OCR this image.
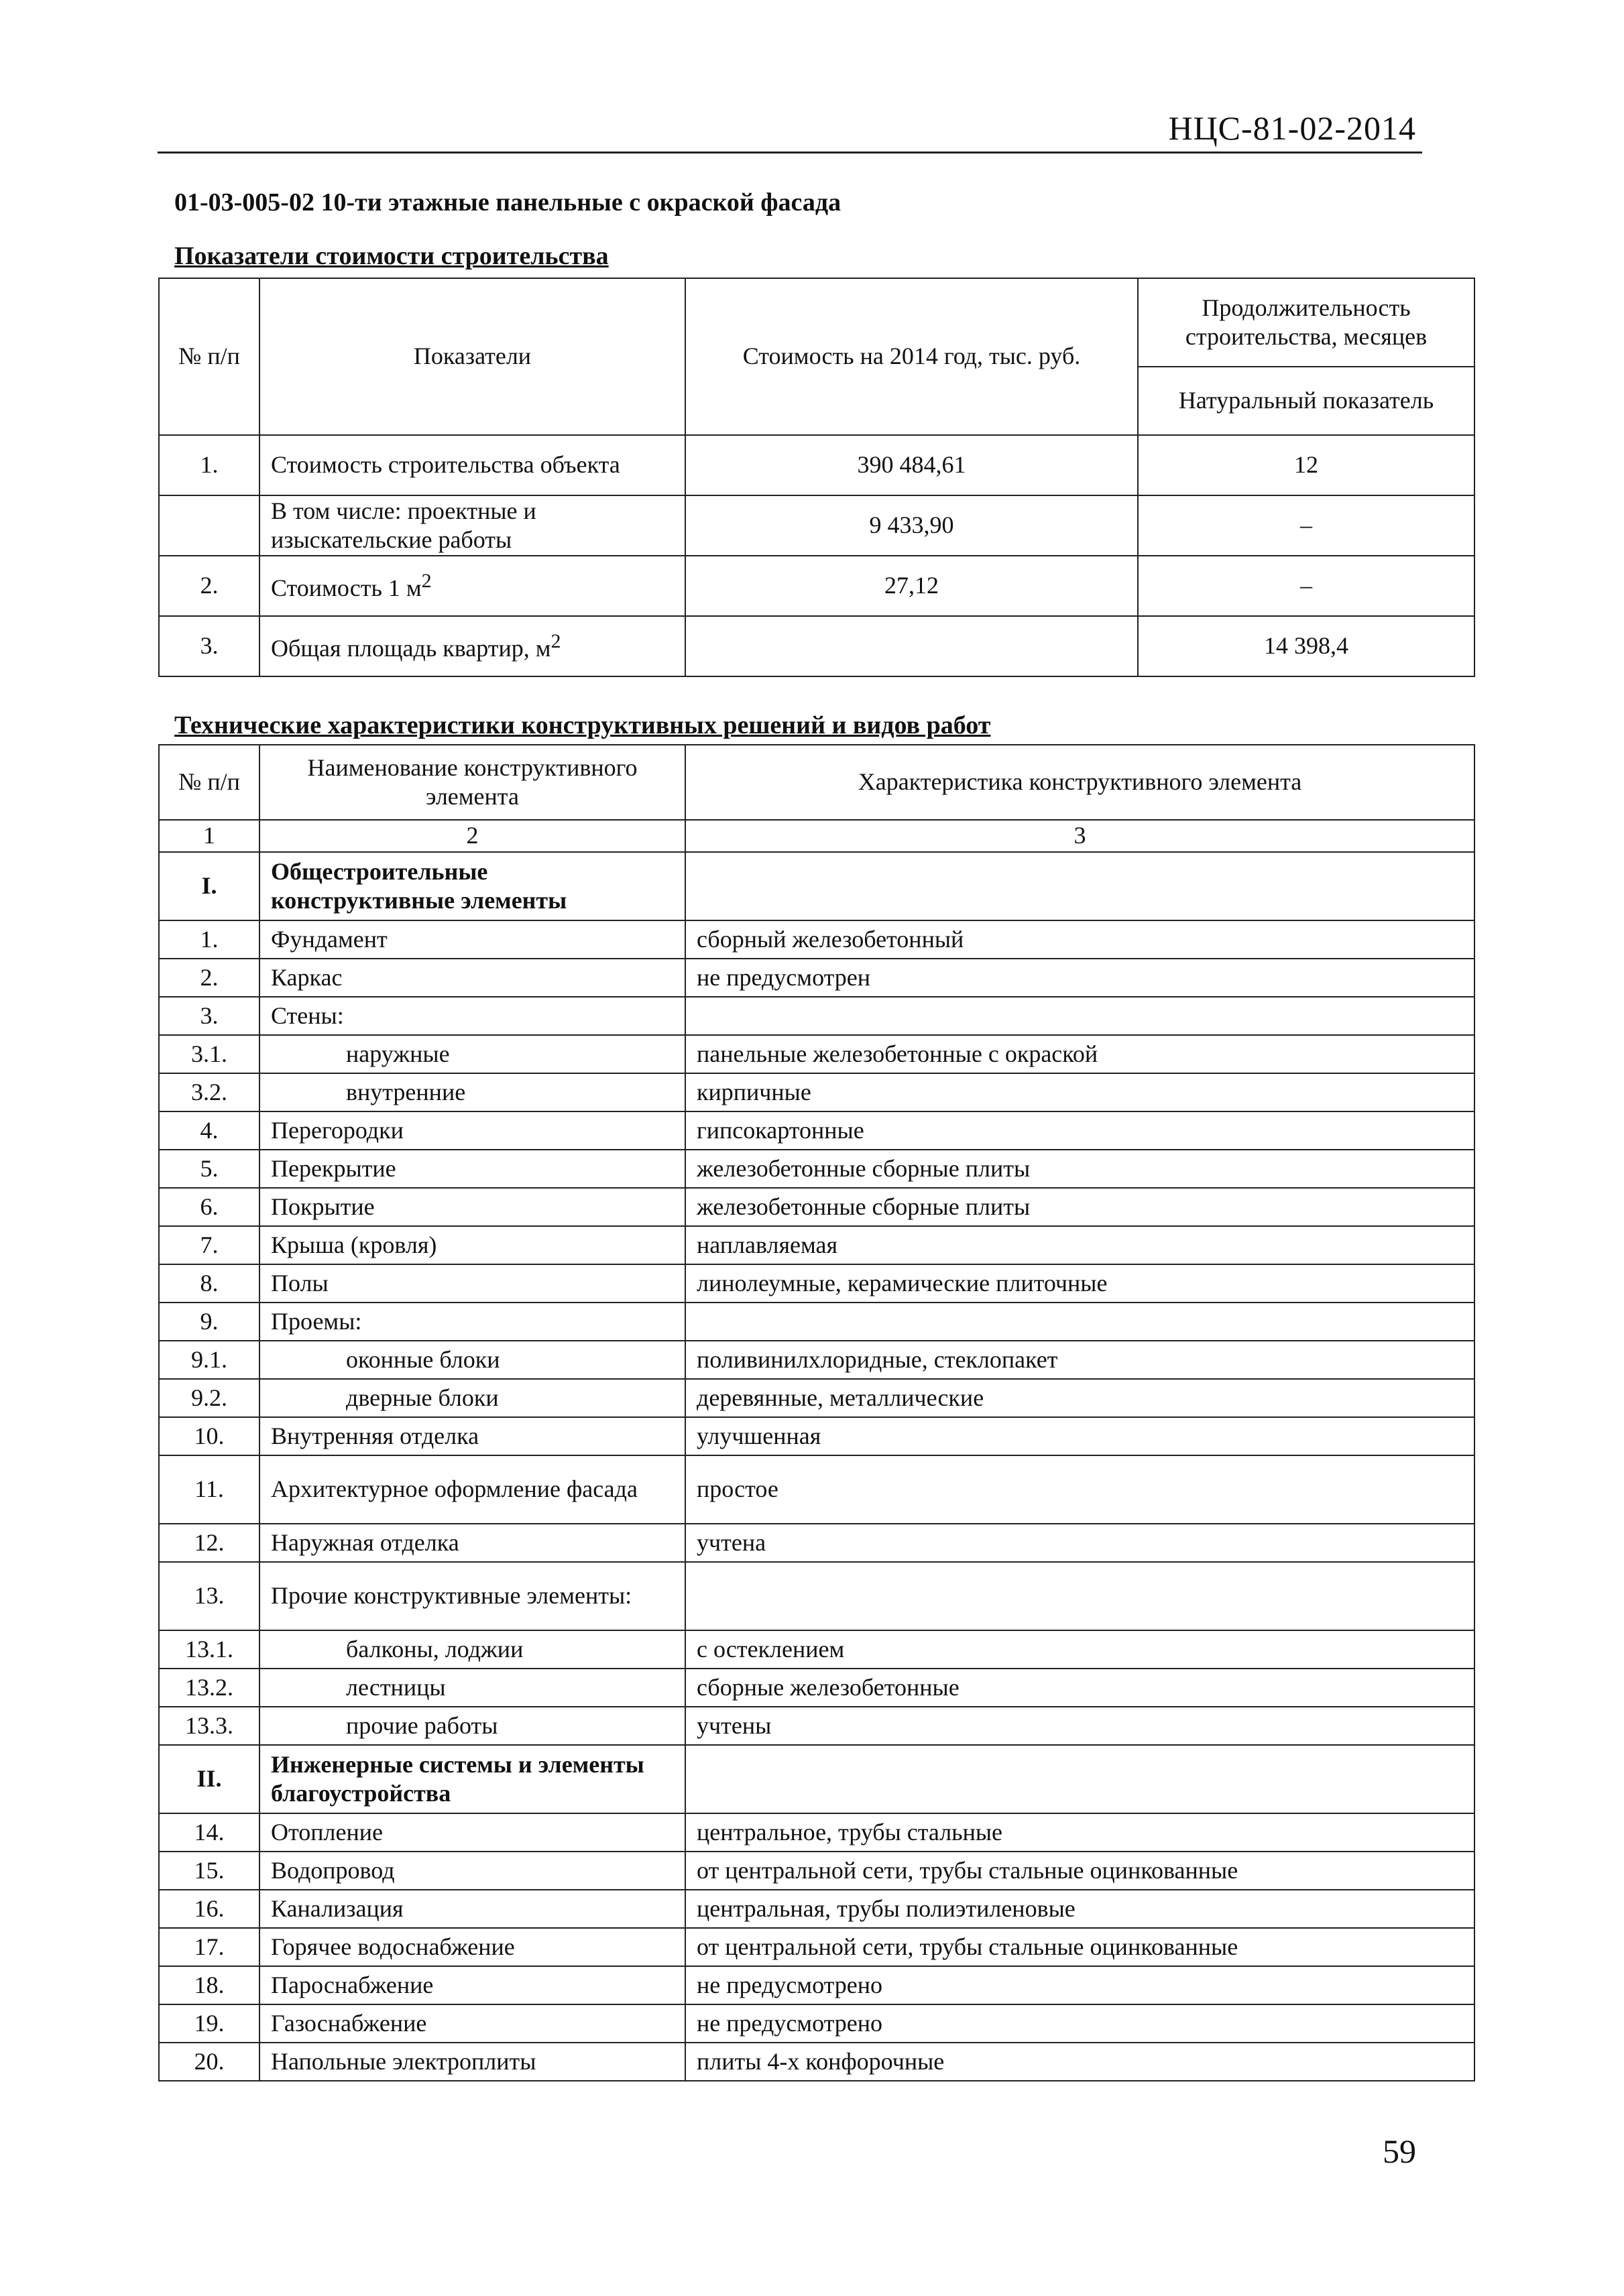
НЦС-81-02-2014
01-03-005-02 10-ти этажные панельные с окраской фасада
Показатели стоимости строительства
№ п/п	Показатели	Стоимость на 2014 год, тыс. руб.	Продолжительность строительства, месяцев
			Натуральный показатель
1.	Стоимость строительства объекта	390 484,61	12
	В том числе: проектные и изыскательские работы	9 433,90	–
2.	Стоимость 1 $м^2$	27,12	–
3.	Общая площадь квартир, $м^2$		14 398,4
Технические характеристики конструктивных решений и видов работ
№ п/п	Наименование конструктивного элемента	Характеристика конструктивного элемента
1	2	3
I.	Общестроительные конструктивные элементы	
1.	Фундамент	сборный железобетонный
2.	Каркас	не предусмотрен
3.	Стены:	
3.1.	наружные	панельные железобетонные с окраской
3.2.	внутренние	кирпичные
4.	Перегородки	гипсокартонные
5.	Перекрытие	железобетонные сборные плиты
6.	Покрытие	железобетонные сборные плиты
7.	Крыша (кровля)	наплавляемая
8.	Полы	линолеумные, керамические плиточные
9.	Проемы:	
9.1.	оконные блоки	поливинилхлоридные, стеклопакет
9.2.	дверные блоки	деревянные, металлические
10.	Внутренняя отделка	улучшенная
11.	Архитектурное оформление фасада	простое
12.	Наружная отделка	учтена
13.	Прочие конструктивные элементы:	
13.1.	балконы, лоджии	с остеклением
13.2.	лестницы	сборные железобетонные
13.3.	прочие работы	учтены
II.	Инженерные системы и элементы благоустройства	
14.	Отопление	центральное, трубы стальные
15.	Водопровод	от центральной сети, трубы стальные оцинкованные
16.	Канализация	центральная, трубы полиэтиленовые
17.	Горячее водоснабжение	от центральной сети, трубы стальные оцинкованные
18.	Пароснабжение	не предусмотрено
19.	Газоснабжение	не предусмотрено
20.	Напольные электроплиты	плиты 4-х конфорочные
59
